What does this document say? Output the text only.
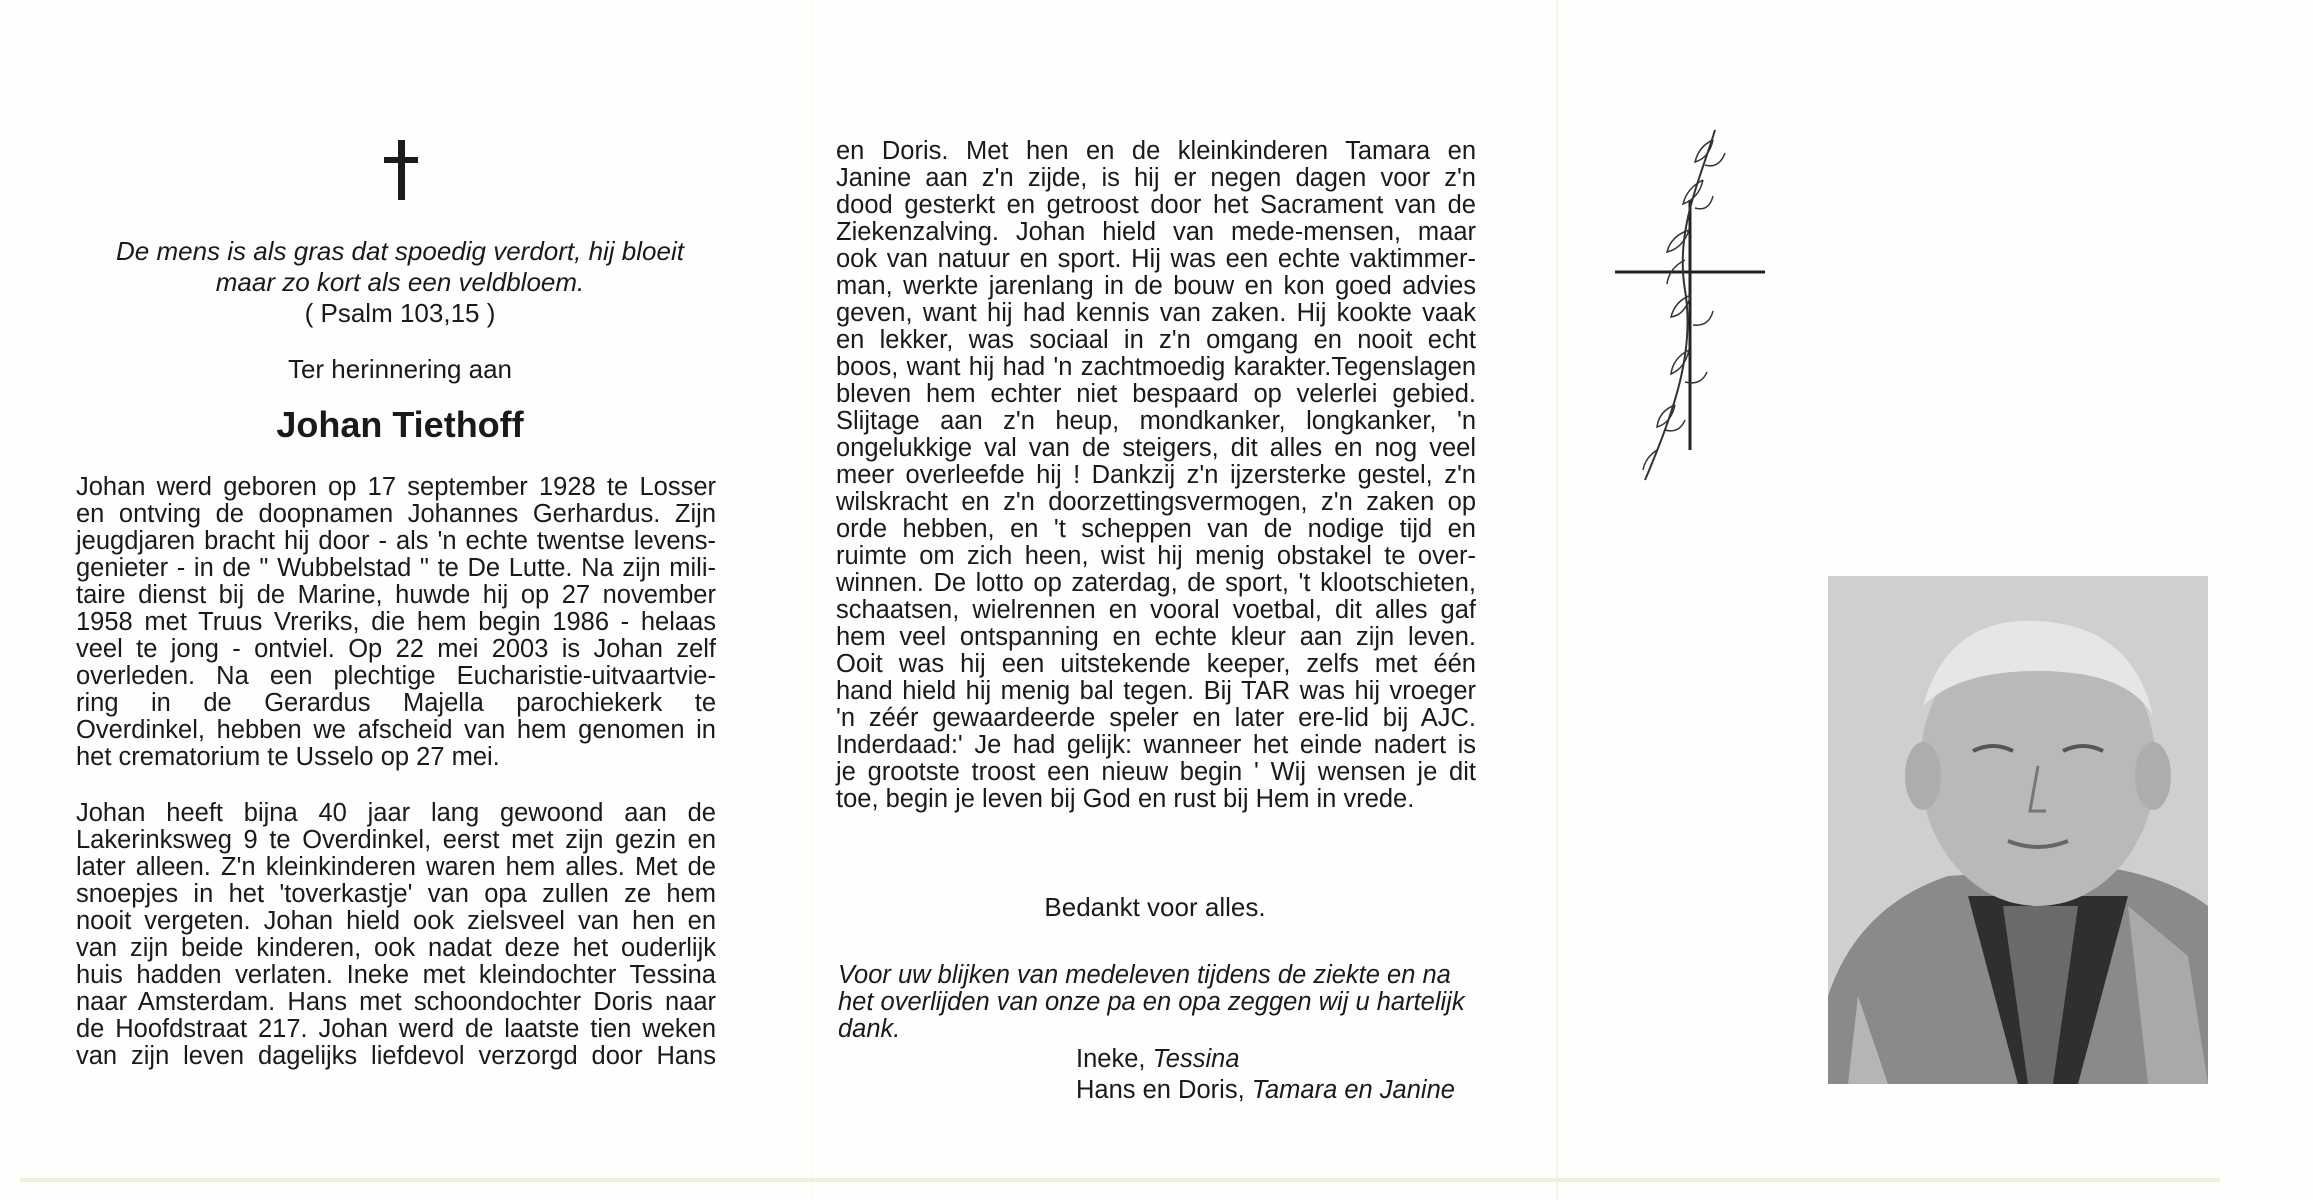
De mens is als gras dat spoedig verdort, hij bloeit
maar zo kort als een veldbloem.
( Psalm 103,15 )
Ter herinnering aan
Johan Tiethoff
Johan werd geboren op 17 september 1928 te Losser
en ontving de doopnamen Johannes Gerhardus. Zijn
jeugdjaren bracht hij door - als 'n echte twentse levens-
genieter - in de " Wubbelstad " te De Lutte. Na zijn mili-
taire dienst bij de Marine, huwde hij op 27 november
1958 met Truus Vreriks, die hem begin 1986 - helaas
veel te jong - ontviel. Op 22 mei 2003 is Johan zelf
overleden. Na een plechtige Eucharistie-uitvaartvie-
ring in de Gerardus Majella parochiekerk te
Overdinkel, hebben we afscheid van hem genomen in
het crematorium te Usselo op 27 mei.
Johan heeft bijna 40 jaar lang gewoond aan de
Lakerinksweg 9 te Overdinkel, eerst met zijn gezin en
later alleen. Z'n kleinkinderen waren hem alles. Met de
snoepjes in het 'toverkastje' van opa zullen ze hem
nooit vergeten. Johan hield ook zielsveel van hen en
van zijn beide kinderen, ook nadat deze het ouderlijk
huis hadden verlaten. Ineke met kleindochter Tessina
naar Amsterdam. Hans met schoondochter Doris naar
de Hoofdstraat 217. Johan werd de laatste tien weken
van zijn leven dagelijks liefdevol verzorgd door Hans
en Doris. Met hen en de kleinkinderen Tamara en
Janine aan z'n zijde, is hij er negen dagen voor z'n
dood gesterkt en getroost door het Sacrament van de
Ziekenzalving. Johan hield van mede-mensen, maar
ook van natuur en sport. Hij was een echte vaktimmer-
man, werkte jarenlang in de bouw en kon goed advies
geven, want hij had kennis van zaken. Hij kookte vaak
en lekker, was sociaal in z'n omgang en nooit echt
boos, want hij had 'n zachtmoedig karakter.Tegenslagen
bleven hem echter niet bespaard op velerlei gebied.
Slijtage aan z'n heup, mondkanker, longkanker, 'n
ongelukkige val van de steigers, dit alles en nog veel
meer overleefde hij ! Dankzij z'n ijzersterke gestel, z'n
wilskracht en z'n doorzettingsvermogen, z'n zaken op
orde hebben, en 't scheppen van de nodige tijd en
ruimte om zich heen, wist hij menig obstakel te over-
winnen. De lotto op zaterdag, de sport, 't klootschieten,
schaatsen, wielrennen en vooral voetbal, dit alles gaf
hem veel ontspanning en echte kleur aan zijn leven.
Ooit was hij een uitstekende keeper, zelfs met één
hand hield hij menig bal tegen. Bij TAR was hij vroeger
'n zéér gewaardeerde speler en later ere-lid bij AJC.
Inderdaad:' Je had gelijk: wanneer het einde nadert is
je grootste troost een nieuw begin ' Wij wensen je dit
toe, begin je leven bij God en rust bij Hem in vrede.
Bedankt voor alles.
Voor uw blijken van medeleven tijdens de ziekte en na
het overlijden van onze pa en opa zeggen wij u hartelijk
dank.
Ineke, Tessina
Hans en Doris, Tamara en Janine
